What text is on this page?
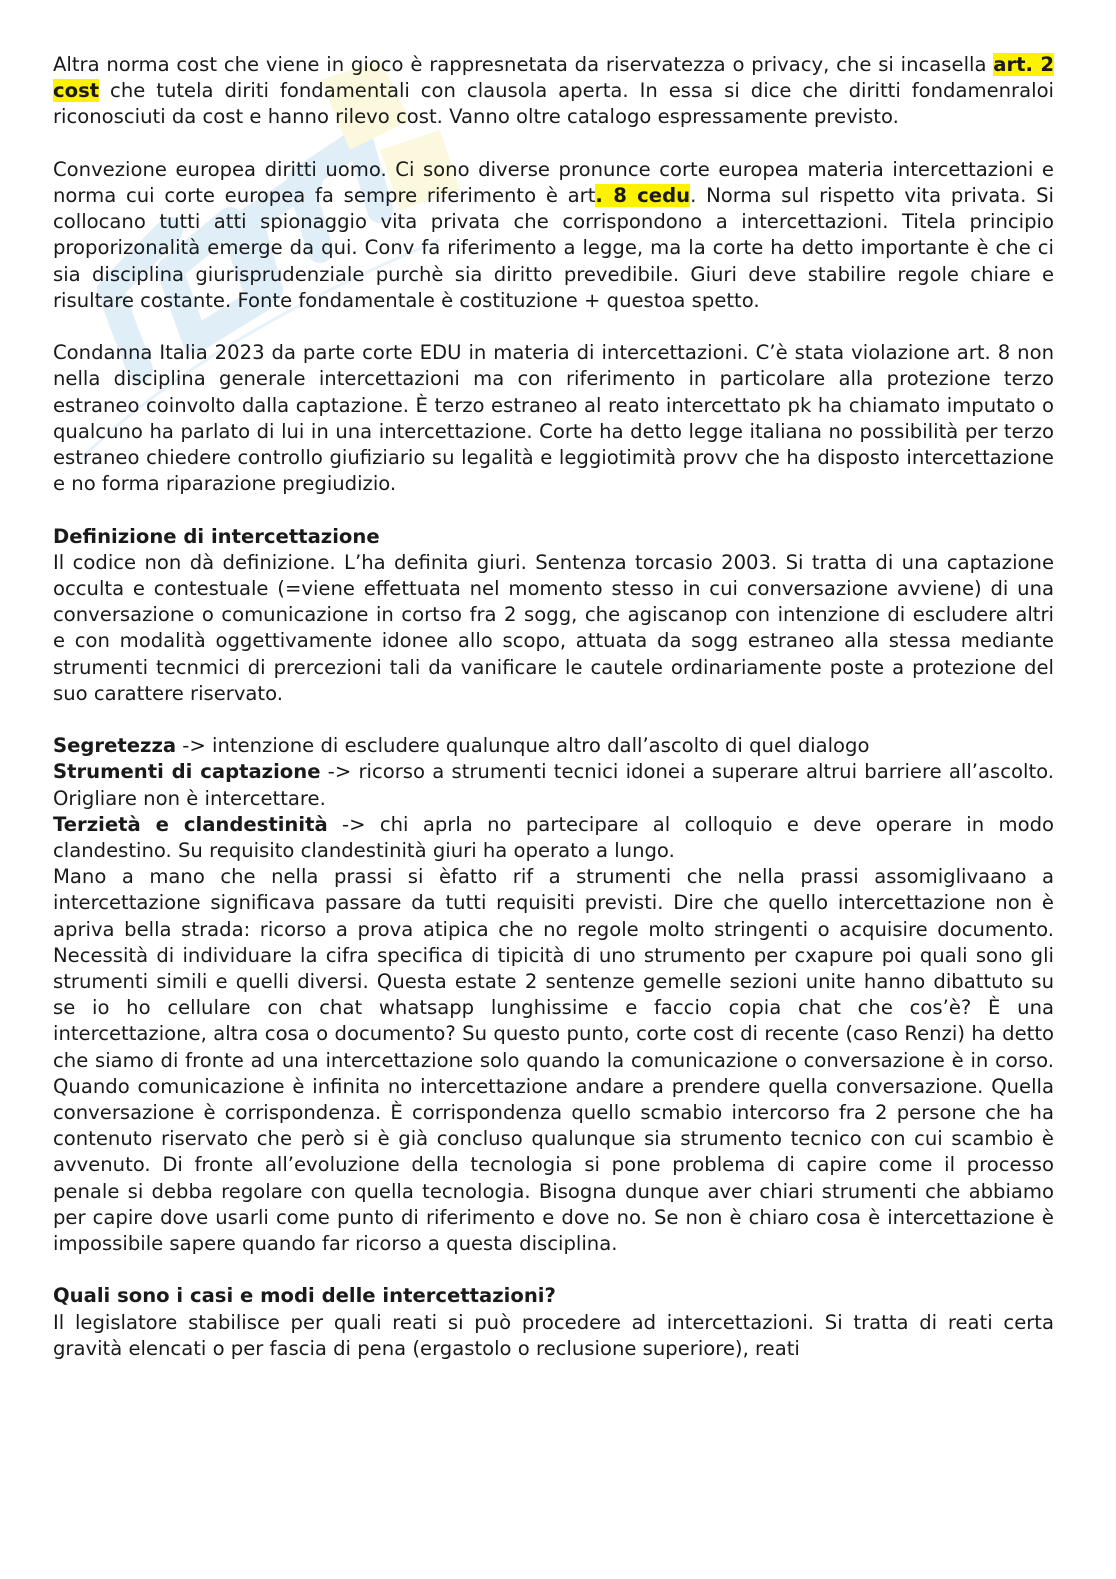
Altra norma cost che viene in gioco è rappresnetata da riservatezza o privacy, che si incasella art. 2 cost che tutela diriti fondamentali con clausola aperta. In essa si dice che diritti fondamenraloi riconosciuti da cost e hanno rilevo cost. Vanno oltre catalogo espressamente previsto.

Convezione europea diritti uomo. Ci sono diverse pronunce corte europea materia intercettazioni e norma cui corte europea fa sempre riferimento è art. 8 cedu. Norma sul rispetto vita privata. Si collocano tutti atti spionaggio vita privata che corrispondono a intercettazioni. Titela principio proporizonalità emerge da qui. Conv fa riferimento a legge, ma la corte ha detto importante è che ci sia disciplina giurisprudenziale purchè sia diritto prevedibile. Giuri deve stabilire regole chiare e risultare costante. Fonte fondamentale è costituzione + questoa spetto.

Condanna Italia 2023 da parte corte EDU in materia di intercettazioni. C’è stata violazione art. 8 non nella disciplina generale intercettazioni ma con riferimento in particolare alla protezione terzo estraneo coinvolto dalla captazione. È terzo estraneo al reato intercettato pk ha chiamato imputato o qualcuno ha parlato di lui in una intercettazione. Corte ha detto legge italiana no possibilità per terzo estraneo chiedere controllo giufiziario su legalità e leggiotimità provv che ha disposto intercettazione e no forma riparazione pregiudizio.

Definizione di intercettazione

Il codice non dà definizione. L’ha definita giuri. Sentenza torcasio 2003. Si tratta di una captazione occulta e contestuale (=viene effettuata nel momento stesso in cui conversazione avviene) di una conversazione o comunicazione in cortso fra 2 sogg, che agiscanop con intenzione di escludere altri e con modalità oggettivamente idonee allo scopo, attuata da sogg estraneo alla stessa mediante strumenti tecnmici di prercezioni tali da vanificare le cautele ordinariamente poste a protezione del suo carattere riservato.

Segretezza -> intenzione di escludere qualunque altro dall’ascolto di quel dialogo

Strumenti di captazione -> ricorso a strumenti tecnici idonei a superare altrui barriere all’ascolto. Origliare non è intercettare.

Terzietà e clandestinità -> chi aprla no partecipare al colloquio e deve operare in modo clandestino. Su requisito clandestinità giuri ha operato a lungo.

Mano a mano che nella prassi si èfatto rif a strumenti che nella prassi assomiglivaano a intercettazione significava passare da tutti requisiti previsti. Dire che quello intercettazione non è apriva bella strada: ricorso a prova atipica che no regole molto stringenti o acquisire documento. Necessità di individuare la cifra specifica di tipicità di uno strumento per cxapure poi quali sono gli strumenti simili e quelli diversi. Questa estate 2 sentenze gemelle sezioni unite hanno dibattuto su se io ho cellulare con chat whatsapp lunghissime e faccio copia chat che cos’è? È una intercettazione, altra cosa o documento? Su questo punto, corte cost di recente (caso Renzi) ha detto che siamo di fronte ad una intercettazione solo quando la comunicazione o conversazione è in corso. Quando comunicazione è infinita no intercettazione andare a prendere quella conversazione. Quella conversazione è corrispondenza. È corrispondenza quello scmabio intercorso fra 2 persone che ha contenuto riservato che però si è già concluso qualunque sia strumento tecnico con cui scambio è avvenuto. Di fronte all’evoluzione della tecnologia si pone problema di capire come il processo penale si debba regolare con quella tecnologia. Bisogna dunque aver chiari strumenti che abbiamo per capire dove usarli come punto di riferimento e dove no. Se non è chiaro cosa è intercettazione è impossibile sapere quando far ricorso a questa disciplina.

Quali sono i casi e modi delle intercettazioni?

Il legislatore stabilisce per quali reati si può procedere ad intercettazioni. Si tratta di reati certa gravità elencati o per fascia di pena (ergastolo o reclusione superiore), reati
